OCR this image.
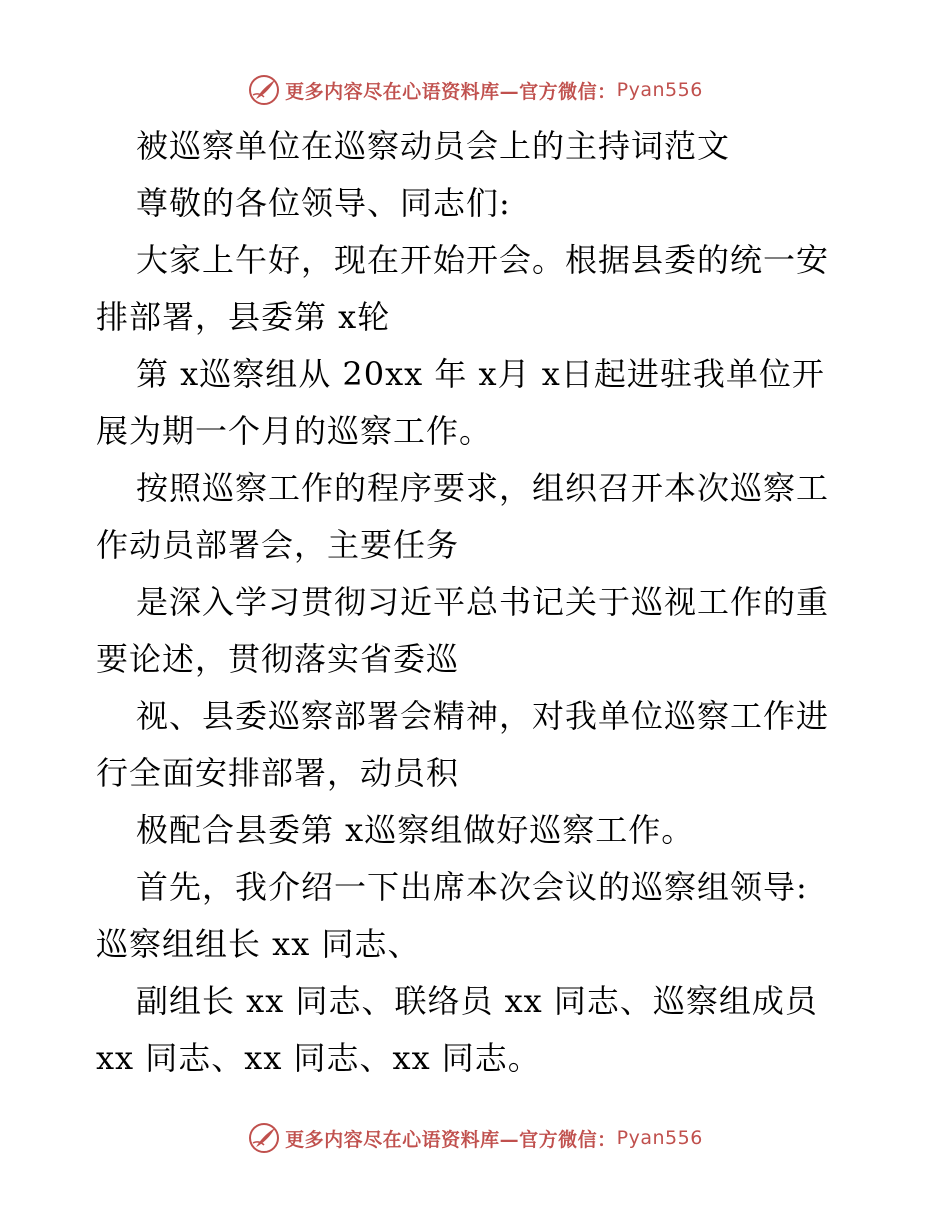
更多内容尽在心语资料库—官方微信： Pyan556
被巡察单位在巡察动员会上的主持词范文
尊敬的各位领导、同志们:
大家上午好，现在开始开会。根据县委的统一安
排部署，县委第 x轮
第 x巡察组从 20xx 年 x月 x日起进驻我单位开
展为期一个月的巡察工作。
按照巡察工作的程序要求，组织召开本次巡察工
作动员部署会，主要任务
是深入学习贯彻习近平总书记关于巡视工作的重
要论述，贯彻落实省委巡
视、县委巡察部署会精神，对我单位巡察工作进
行全面安排部署，动员积
极配合县委第 x巡察组做好巡察工作。
首先，我介绍一下出席本次会议的巡察组领导:
巡察组组长 xx 同志、
副组长 xx 同志、联络员 xx 同志、巡察组成员
xx 同志、xx 同志、xx 同志。
更多内容尽在心语资料库—官方微信： Pyan556
